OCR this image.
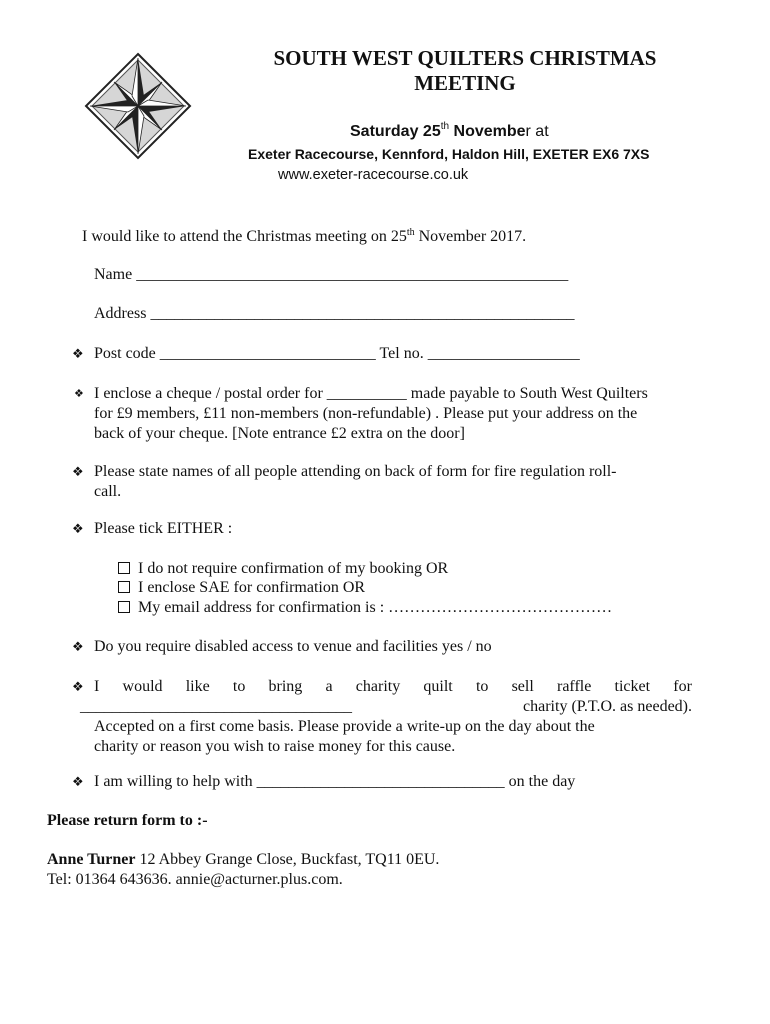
SOUTH WEST QUILTERS CHRISTMAS
MEETING
Saturday 25th November at
Exeter Racecourse, Kennford, Haldon Hill, EXETER EX6 7XS
www.exeter-racecourse.co.uk
I would like to attend the Christmas meeting on 25th November 2017.
Name ______________________________________________________
Address _____________________________________________________
❖ Post code ___________________________ Tel no. ___________________
❖ I enclose a cheque / postal order for __________ made payable to South West Quilters
for £9 members, £11 non-members (non-refundable) . Please put your address on the
back of your cheque. [Note entrance £2 extra on the door]
❖ Please state names of all people attending on back of form for fire regulation roll-
call.
❖ Please tick EITHER :
I do not require confirmation of my booking OR
I enclose SAE for confirmation OR
My email address for confirmation is : ……………………………………
❖ Do you require disabled access to venue and facilities yes / no
❖ I would like to bring a charity quilt to sell raffle ticket for
__________________________________	charity (P.T.O. as needed).
Accepted on a first come basis. Please provide a write-up on the day about the
charity or reason you wish to raise money for this cause.
❖ I am willing to help with _______________________________ on the day
Please return form to :-
Anne Turner 12 Abbey Grange Close, Buckfast, TQ11 0EU.
Tel: 01364 643636. annie@acturner.plus.com.
